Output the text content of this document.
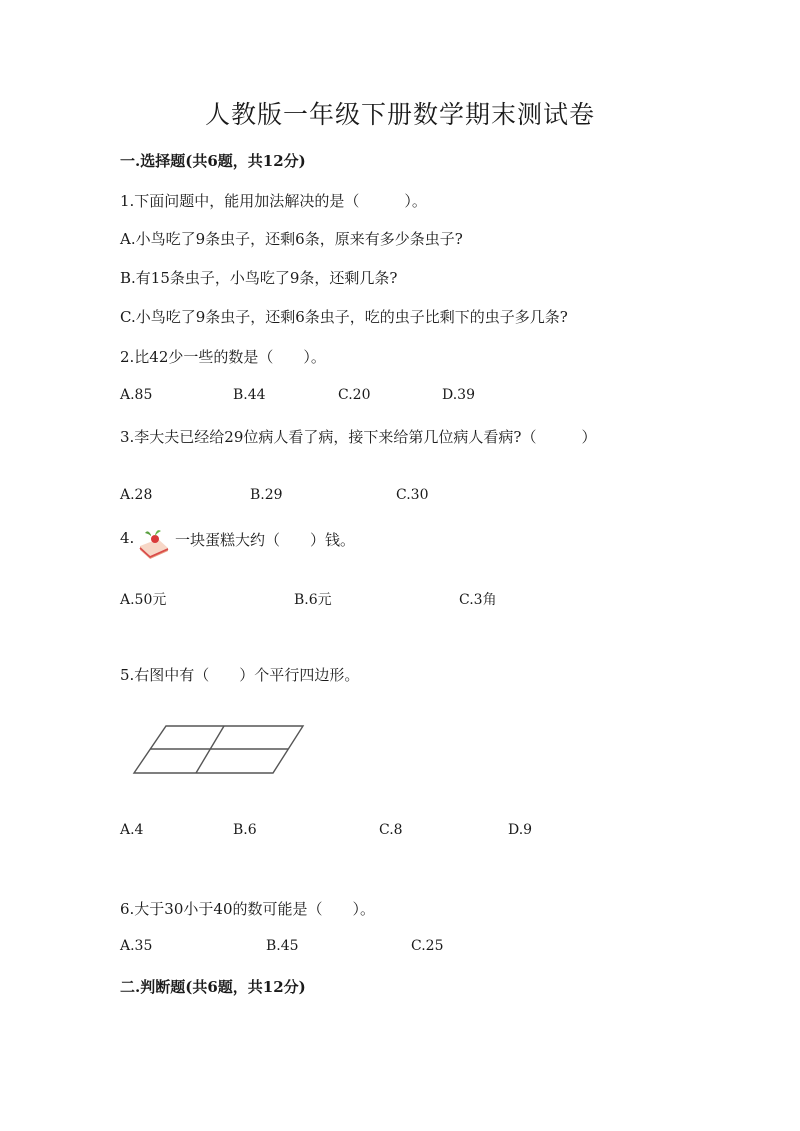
人教版一年级下册数学期末测试卷
一.选择题(共6题，共12分)
1.下面问题中，能用加法解决的是（　　　）。
A.小鸟吃了9条虫子，还剩6条，原来有多少条虫子?
B.有15条虫子，小鸟吃了9条，还剩几条?
C.小鸟吃了9条虫子，还剩6条虫子，吃的虫子比剩下的虫子多几条?
2.比42少一些的数是（　　）。
A.85	B.44	C.20	D.39
3.李大夫已经给29位病人看了病，接下来给第几位病人看病?（　　　）
A.28	B.29	C.30
4.	一块蛋糕大约（　　）钱。
A.50元	B.6元	C.3角
5.右图中有（　　）个平行四边形。
A.4	B.6	C.8	D.9
6.大于30小于40的数可能是（　　）。
A.35	B.45	C.25
二.判断题(共6题，共12分)
